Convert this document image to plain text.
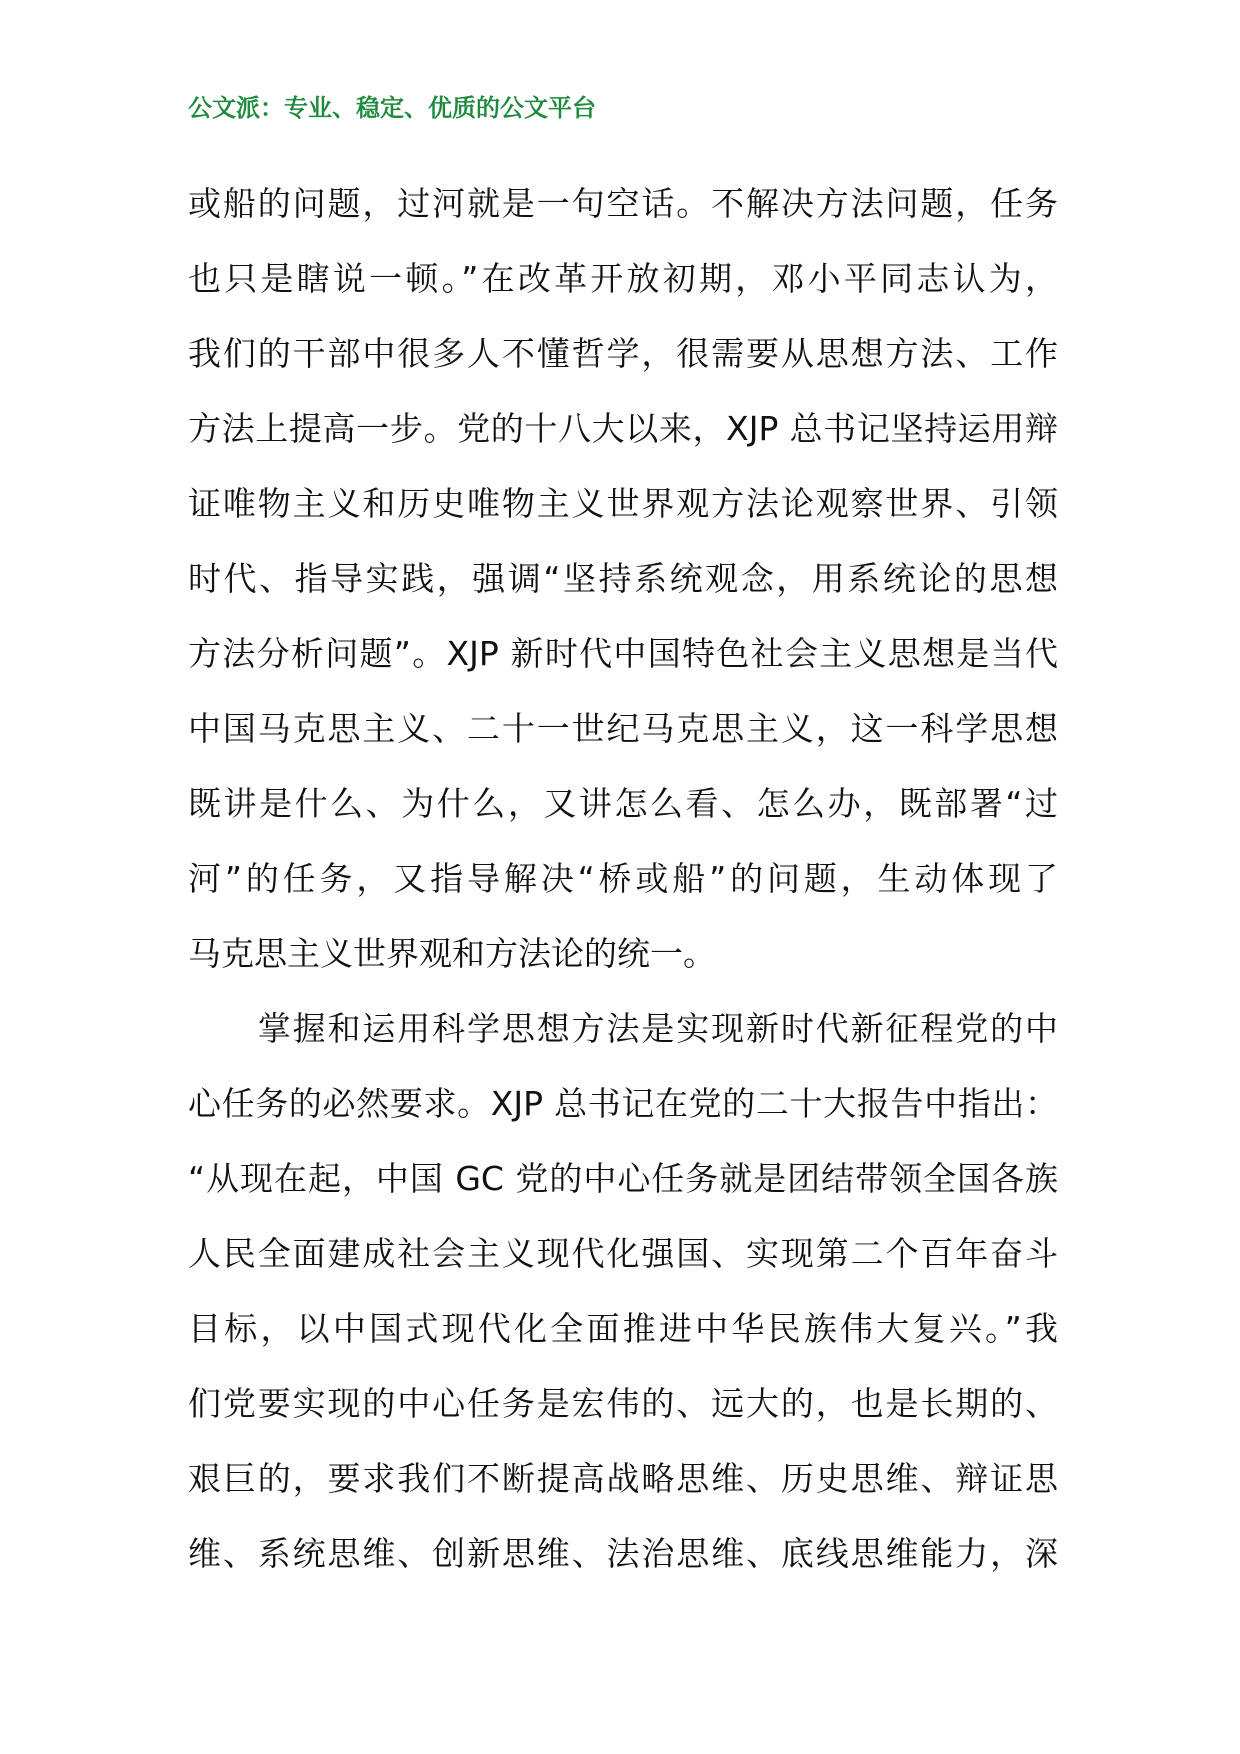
公文派：专业、稳定、优质的公文平台
或船的问题，过河就是一句空话。不解决方法问题，任务
也只是瞎说一顿。”在改革开放初期，邓小平同志认为，
我们的干部中很多人不懂哲学，很需要从思想方法、工作
方法上提高一步。党的十八大以来，XJP 总书记坚持运用辩
证唯物主义和历史唯物主义世界观方法论观察世界、引领
时代、指导实践，强调“坚持系统观念，用系统论的思想
方法分析问题”。XJP 新时代中国特色社会主义思想是当代
中国马克思主义、二十一世纪马克思主义，这一科学思想
既讲是什么、为什么，又讲怎么看、怎么办，既部署“过
河”的任务，又指导解决“桥或船”的问题，生动体现了
马克思主义世界观和方法论的统一。
　　掌握和运用科学思想方法是实现新时代新征程党的中
心任务的必然要求。XJP 总书记在党的二十大报告中指出：
“从现在起，中国 GC 党的中心任务就是团结带领全国各族
人民全面建成社会主义现代化强国、实现第二个百年奋斗
目标，以中国式现代化全面推进中华民族伟大复兴。”我
们党要实现的中心任务是宏伟的、远大的，也是长期的、
艰巨的，要求我们不断提高战略思维、历史思维、辩证思
维、系统思维、创新思维、法治思维、底线思维能力，深
